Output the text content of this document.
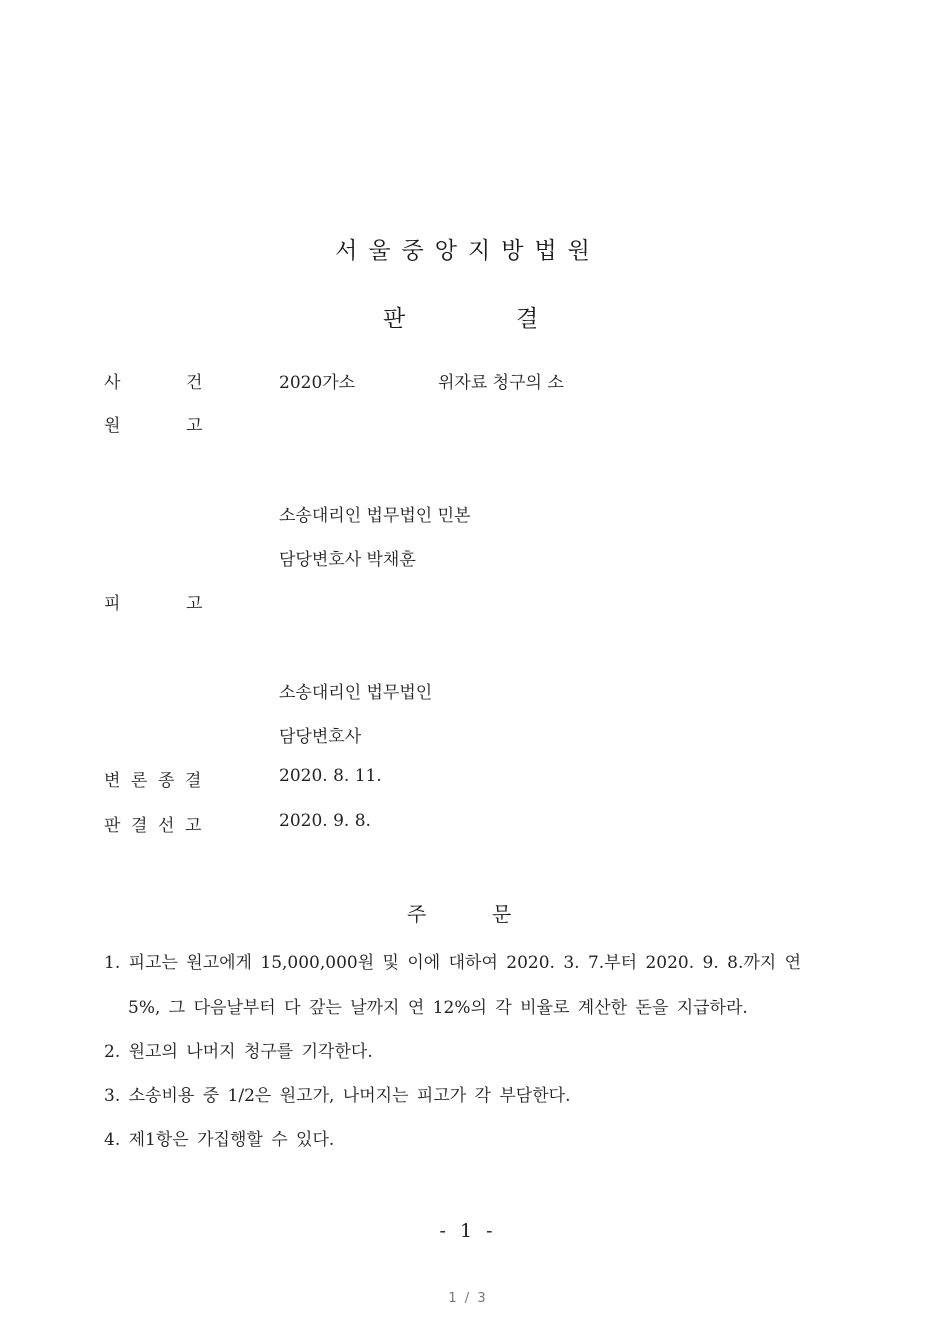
서울중앙지방법원
판	결
사	건	2020가소	위자료 청구의 소
원	고
소송대리인 법무법인 민본
담당변호사 박채훈
피	고
소송대리인 법무법인
담당변호사
변 론 종 결	2020. 8. 11.
판 결 선 고	2020. 9. 8.
주	문
1. 피고는 원고에게 15,000,000원 및 이에 대하여 2020. 3. 7.부터 2020. 9. 8.까지 연
5%, 그 다음날부터 다 갚는 날까지 연 12%의 각 비율로 계산한 돈을 지급하라.
2. 원고의 나머지 청구를 기각한다.
3. 소송비용 중 1/2은 원고가, 나머지는 피고가 각 부담한다.
4. 제1항은 가집행할 수 있다.
- 1 -
1 / 3
